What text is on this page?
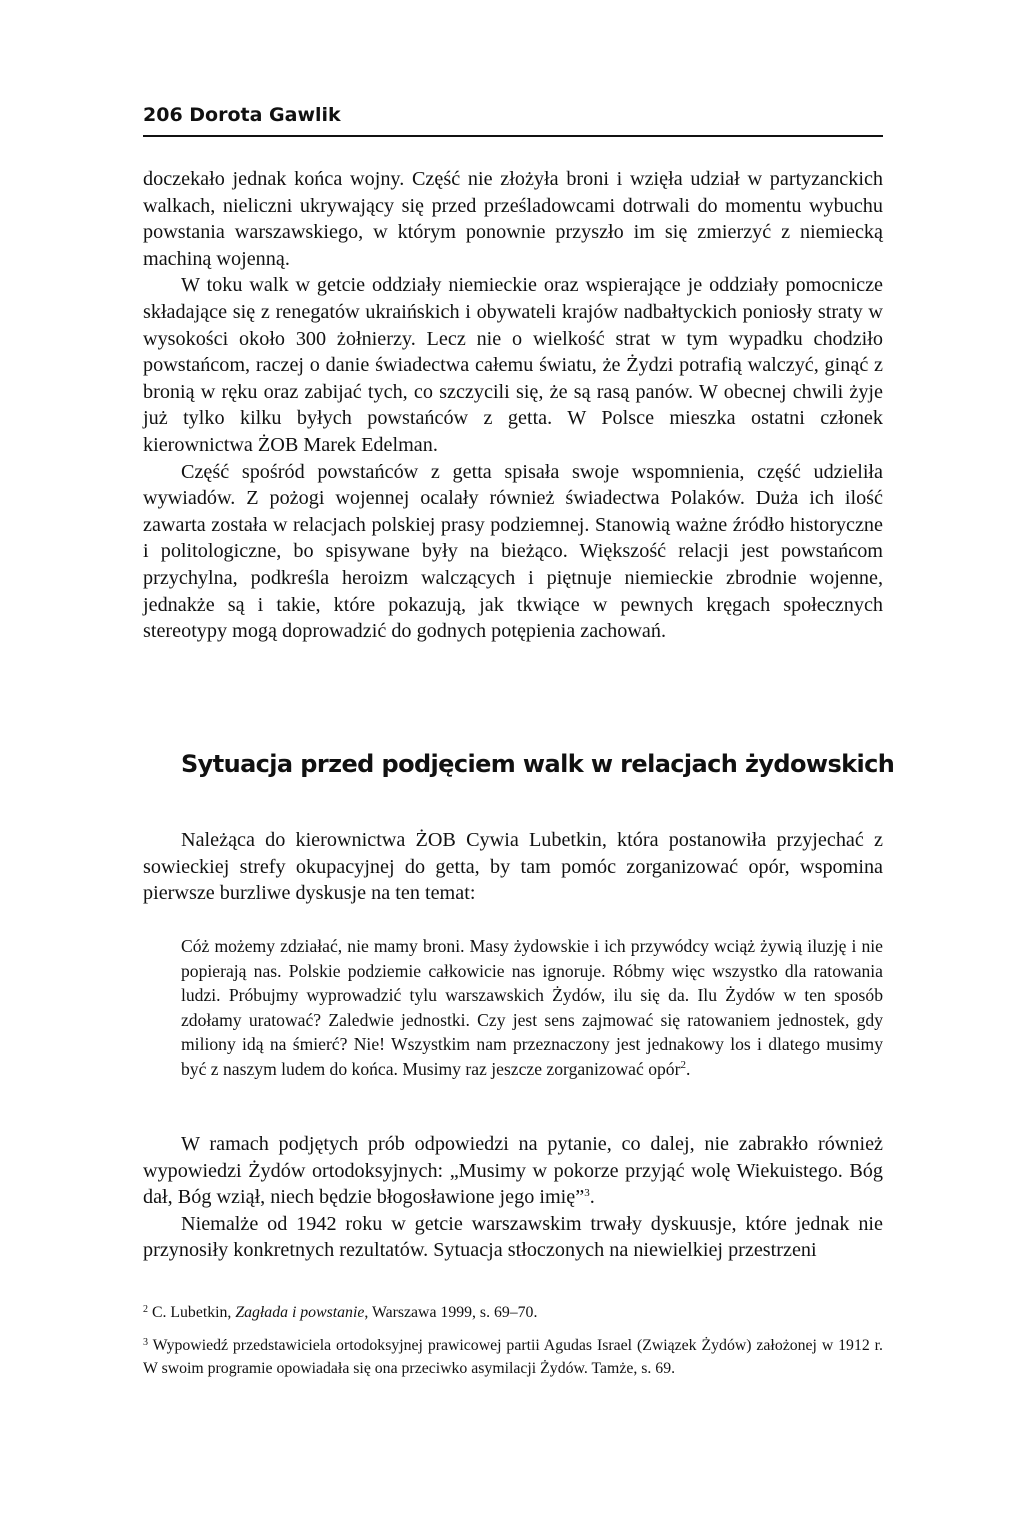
206 Dorota Gawlik

doczekało jednak końca wojny. Część nie złożyła broni i wzięła udział w partyzanckich walkach, nieliczni ukrywający się przed prześladowcami dotrwali do momentu wybuchu powstania warszawskiego, w którym ponownie przyszło im się zmierzyć z niemiecką machiną wojenną.

W toku walk w getcie oddziały niemieckie oraz wspierające je oddziały pomocnicze składające się z renegatów ukraińskich i obywateli krajów nadbałtyckich poniosły straty w wysokości około 300 żołnierzy. Lecz nie o wielkość strat w tym wypadku chodziło powstańcom, raczej o danie świadectwa całemu światu, że Żydzi potrafią walczyć, ginąć z bronią w ręku oraz zabijać tych, co szczycili się, że są rasą panów. W obecnej chwili żyje już tylko kilku byłych powstańców z getta. W Polsce mieszka ostatni członek kierownictwa ŻOB Marek Edelman.

Część spośród powstańców z getta spisała swoje wspomnienia, część udzieliła wywiadów. Z pożogi wojennej ocalały również świadectwa Polaków. Duża ich ilość zawarta została w relacjach polskiej prasy podziemnej. Stanowią ważne źródło historyczne i politologiczne, bo spisywane były na bieżąco. Większość relacji jest powstańcom przychylna, podkreśla heroizm walczących i piętnuje niemieckie zbrodnie wojenne, jednakże są i takie, które pokazują, jak tkwiące w pewnych kręgach społecznych stereotypy mogą doprowadzić do godnych potępienia zachowań.

Sytuacja przed podjęciem walk w relacjach żydowskich

Należąca do kierownictwa ŻOB Cywia Lubetkin, która postanowiła przyjechać z sowieckiej strefy okupacyjnej do getta, by tam pomóc zorganizować opór, wspomina pierwsze burzliwe dyskusje na ten temat:

Cóż możemy zdziałać, nie mamy broni. Masy żydowskie i ich przywódcy wciąż żywią iluzję i nie popierają nas. Polskie podziemie całkowicie nas ignoruje. Róbmy więc wszystko dla ratowania ludzi. Próbujmy wyprowadzić tylu warszawskich Żydów, ilu się da. Ilu Żydów w ten sposób zdołamy uratować? Zaledwie jednostki. Czy jest sens zajmować się ratowaniem jednostek, gdy miliony idą na śmierć? Nie! Wszystkim nam przeznaczony jest jednakowy los i dlatego musimy być z naszym ludem do końca. Musimy raz jeszcze zorganizować opór$^2$.

W ramach podjętych prób odpowiedzi na pytanie, co dalej, nie zabrakło również wypowiedzi Żydów ortodoksyjnych: „Musimy w pokorze przyjąć wolę Wiekuistego. Bóg dał, Bóg wziął, niech będzie błogosławione jego imię”$^3$.

Niemalże od 1942 roku w getcie warszawskim trwały dyskuusje, które jednak nie przynosiły konkretnych rezultatów. Sytuacja stłoczonych na niewielkiej przestrzeni

$^2$ C. Lubetkin, Zagłada i powstanie, Warszawa 1999, s. 69–70.

$^3$ Wypowiedź przedstawiciela ortodoksyjnej prawicowej partii Agudas Israel (Związek Żydów) założonej w 1912 r. W swoim programie opowiadała się ona przeciwko asymilacji Żydów. Tamże, s. 69.
